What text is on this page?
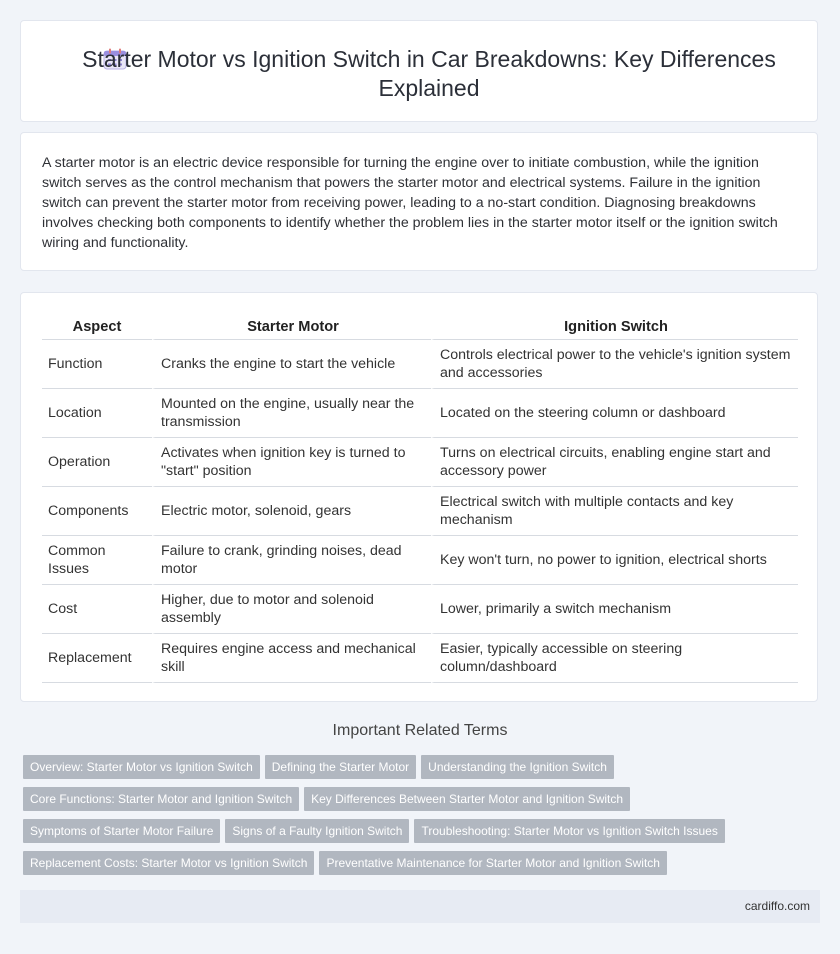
Starter Motor vs Ignition Switch in Car Breakdowns: Key Differences Explained

A starter motor is an electric device responsible for turning the engine over to initiate combustion, while the ignition switch serves as the control mechanism that powers the starter motor and electrical systems. Failure in the ignition switch can prevent the starter motor from receiving power, leading to a no-start condition. Diagnosing breakdowns involves checking both components to identify whether the problem lies in the starter motor itself or the ignition switch wiring and functionality.

Aspect	Starter Motor	Ignition Switch
Function	Cranks the engine to start the vehicle	Controls electrical power to the vehicle's ignition system and accessories
Location	Mounted on the engine, usually near the transmission	Located on the steering column or dashboard
Operation	Activates when ignition key is turned to "start" position	Turns on electrical circuits, enabling engine start and accessory power
Components	Electric motor, solenoid, gears	Electrical switch with multiple contacts and key mechanism
Common Issues	Failure to crank, grinding noises, dead motor	Key won't turn, no power to ignition, electrical shorts
Cost	Higher, due to motor and solenoid assembly	Lower, primarily a switch mechanism
Replacement	Requires engine access and mechanical skill	Easier, typically accessible on steering column/dashboard
Important Related Terms
Overview: Starter Motor vs Ignition Switch Defining the Starter Motor Understanding the Ignition Switch
Core Functions: Starter Motor and Ignition Switch Key Differences Between Starter Motor and Ignition Switch
Symptoms of Starter Motor Failure Signs of a Faulty Ignition Switch Troubleshooting: Starter Motor vs Ignition Switch Issues
Replacement Costs: Starter Motor vs Ignition Switch Preventative Maintenance for Starter Motor and Ignition Switch
cardiffo.com
